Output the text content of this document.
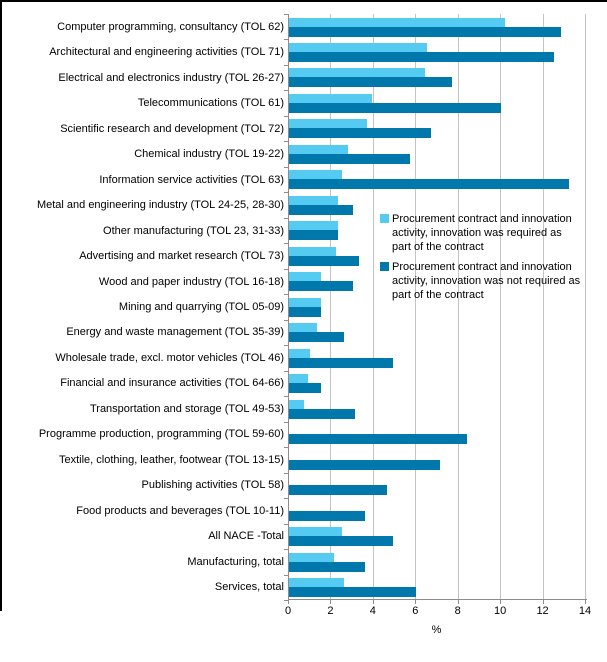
Computer programming, consultancy (TOL 62)
Architectural and engineering activities (TOL 71)
Electrical and electronics industry (TOL 26-27)
Telecommunications (TOL 61)
Scientific research and development (TOL 72)
Chemical industry (TOL 19-22)
Information service activities (TOL 63)
Metal and engineering industry (TOL 24-25, 28-30)
Other manufacturing (TOL 23, 31-33)
Advertising and market research (TOL 73)
Wood and paper industry (TOL 16-18)
Mining and quarrying (TOL 05-09)
Energy and waste management (TOL 35-39)
Wholesale trade, excl. motor vehicles (TOL 46)
Financial and insurance activities (TOL 64-66)
Transportation and storage (TOL 49-53)
Programme production, programming (TOL 59-60)
Textile, clothing, leather, footwear (TOL 13-15)
Publishing activities (TOL 58)
Food products and beverages (TOL 10-11)
All NACE -Total
Manufacturing, total
Services, total
0	2	4	6	8	10	12	14
%
Procurement contract and innovation activity, innovation was required as part of the contract
Procurement contract and innovation activity, innovation was not required as part of the contract
